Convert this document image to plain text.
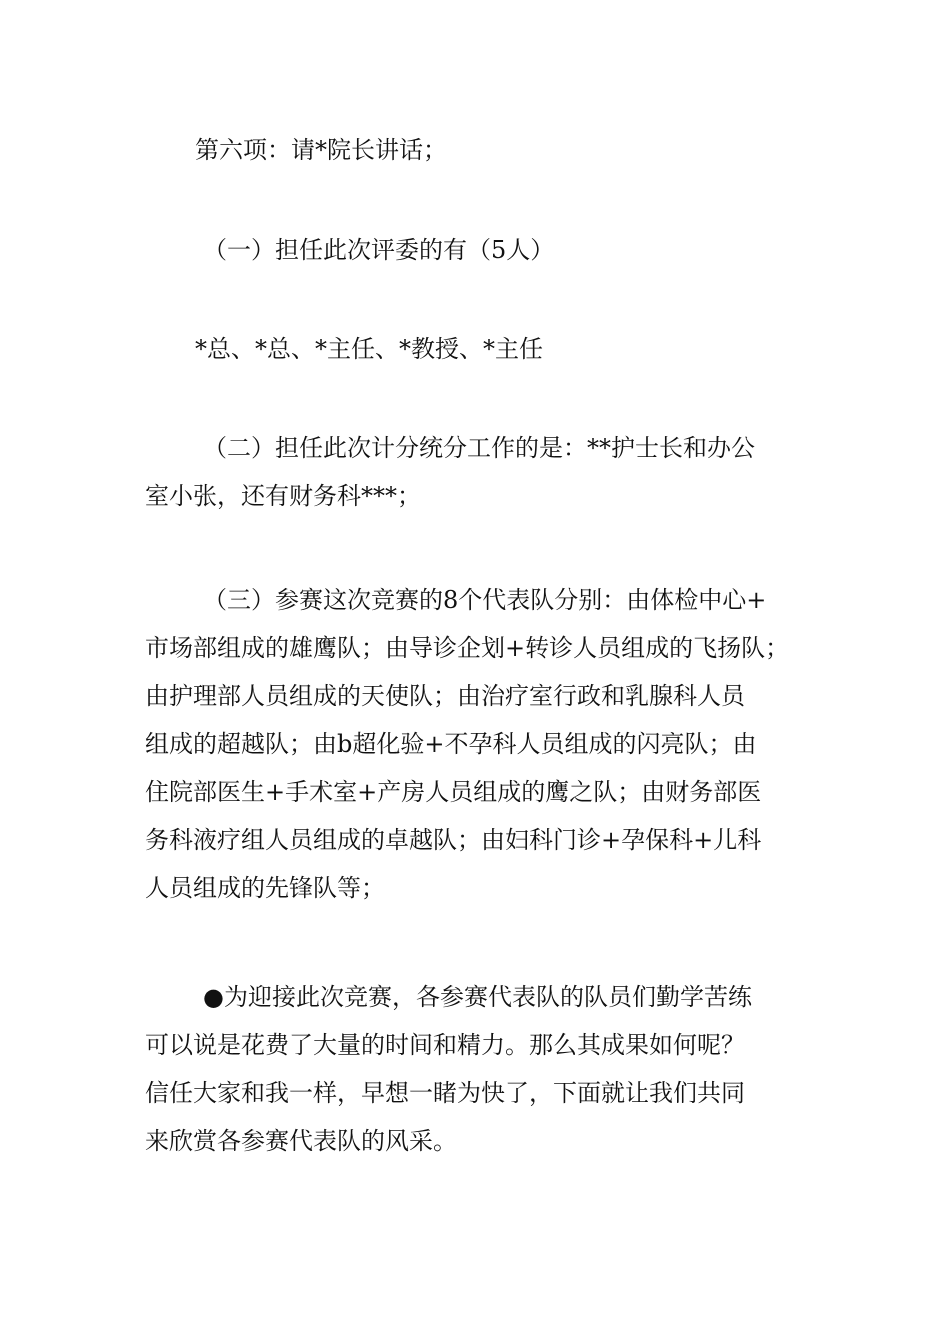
第六项：请*院长讲话；

（一）担任此次评委的有（5人）

*总、*总、*主任、*教授、*主任

（二）担任此次计分统分工作的是：**护士长和办公
室小张，还有财务科***；

（三）参赛这次竞赛的8个代表队分别：由体检中心+
市场部组成的雄鹰队；由导诊企划+转诊人员组成的飞扬队；
由护理部人员组成的天使队；由治疗室行政和乳腺科人员
组成的超越队；由b超化验+不孕科人员组成的闪亮队；由
住院部医生+手术室+产房人员组成的鹰之队；由财务部医
务科液疗组人员组成的卓越队；由妇科门诊+孕保科+儿科
人员组成的先锋队等；

●为迎接此次竞赛，各参赛代表队的队员们勤学苦练
可以说是花费了大量的时间和精力。那么其成果如何呢？
信任大家和我一样，早想一睹为快了，下面就让我们共同
来欣赏各参赛代表队的风采。
